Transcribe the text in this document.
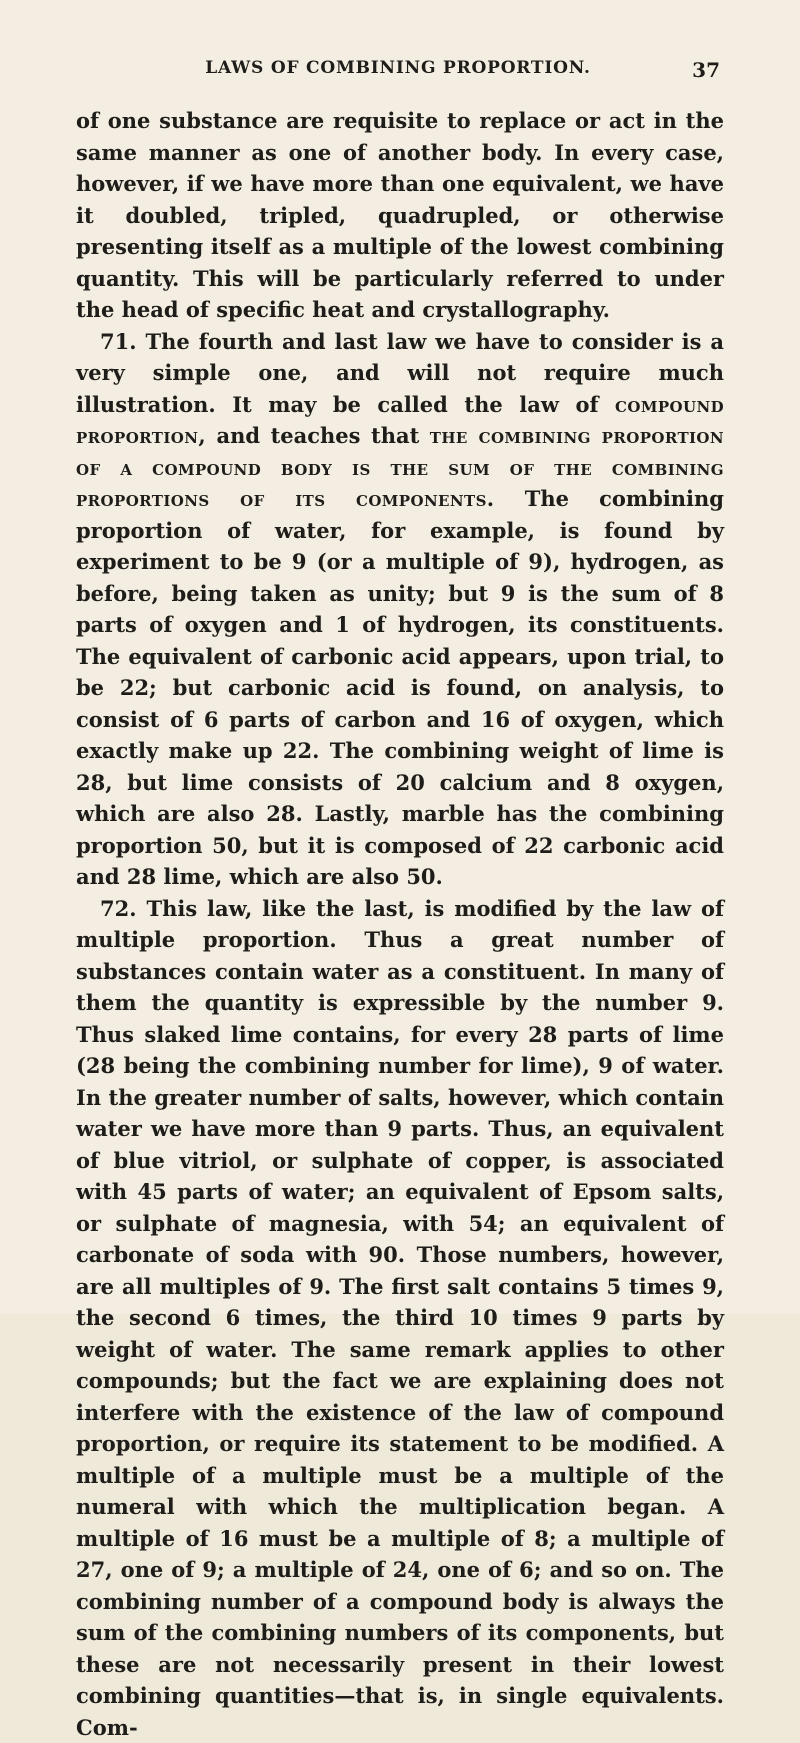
LAWS OF COMBINING PROPORTION.	37

of one substance are requisite to replace or act in the same manner as one of another body. In every case, however, if we have more than one equivalent, we have it doubled, tripled, quadrupled, or otherwise presenting itself as a multiple of the lowest combining quantity. This will be particularly referred to under the head of specific heat and crystallography.

71. The fourth and last law we have to consider is a very simple one, and will not require much illustration. It may be called the law of compound proportion, and teaches that the combining proportion of a compound body is the sum of the combining proportions of its components. The combining proportion of water, for example, is found by experiment to be 9 (or a multiple of 9), hydrogen, as before, being taken as unity; but 9 is the sum of 8 parts of oxygen and 1 of hydrogen, its constituents. The equivalent of carbonic acid appears, upon trial, to be 22; but carbonic acid is found, on analysis, to consist of 6 parts of carbon and 16 of oxygen, which exactly make up 22. The combining weight of lime is 28, but lime consists of 20 calcium and 8 oxygen, which are also 28. Lastly, marble has the combining proportion 50, but it is composed of 22 carbonic acid and 28 lime, which are also 50.

72. This law, like the last, is modified by the law of multiple proportion. Thus a great number of substances contain water as a constituent. In many of them the quantity is expressible by the number 9. Thus slaked lime contains, for every 28 parts of lime (28 being the combining number for lime), 9 of water. In the greater number of salts, however, which contain water we have more than 9 parts. Thus, an equivalent of blue vitriol, or sulphate of copper, is associated with 45 parts of water; an equivalent of Epsom salts, or sulphate of magnesia, with 54; an equivalent of carbonate of soda with 90. Those numbers, however, are all multiples of 9. The first salt contains 5 times 9, the second 6 times, the third 10 times 9 parts by weight of water. The same remark applies to other compounds; but the fact we are explaining does not interfere with the existence of the law of compound proportion, or require its statement to be modified. A multiple of a multiple must be a multiple of the numeral with which the multiplication began. A multiple of 16 must be a multiple of 8; a multiple of 27, one of 9; a multiple of 24, one of 6; and so on. The combining number of a compound body is always the sum of the combining numbers of its components, but these are not necessarily present in their lowest combining quantities—that is, in single equivalents. Com-
